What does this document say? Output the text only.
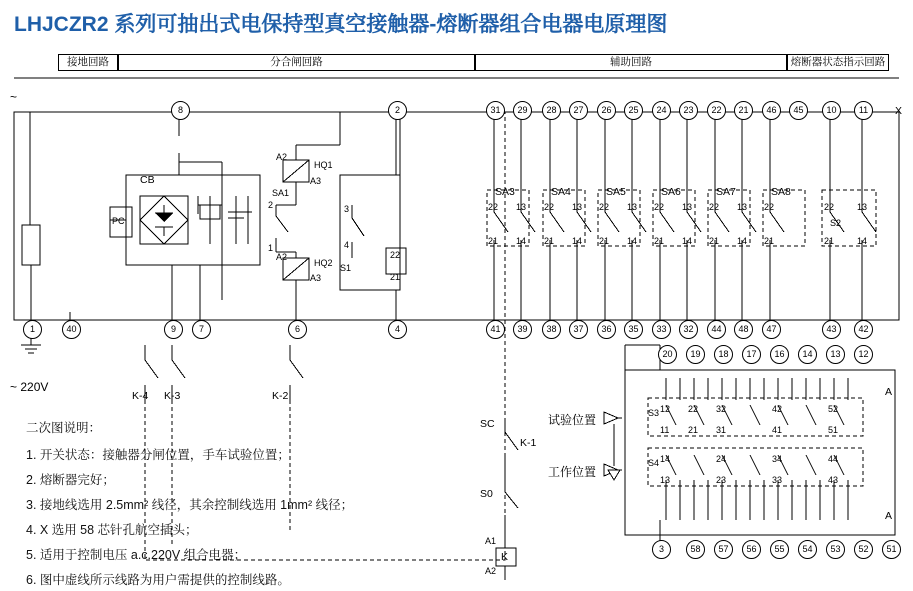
LHJCZR2 系列可抽出式电保持型真空接触器-熔断器组合电器电原理图
接地回路	分合闸回路	辅助回路	熔断器状态指示回路
~
~ 220V
X
A
A
CB
PC
HQ1
HQ2
SA1
A2
A3
A2
A3
S1
S2
S3
S4
SC
S0
A1
A2
K
K-4 K-3	K-2
K-1
SA3	SA4	SA5	SA6	SA7	SA8
试验位置
工作位置
22 13
21 14
22 13
21 14
22 13
21 14
22 13
21 14
22 13
21 14
22
21
22	13
21	14
22
21
2
1
3
4
12
11
22
21
32
31
42
41
52
51
14
13
24
23
34
33
44
43
8	2	31	29	28	27	26	25	24	23	22	21	46	45	10	11
1	40	9	7	6	4	41	39	38	37	36	35	33	32	44	48	47	43	42
20	19	18	17	16	14	13	12
3	58	57	56	55	54	53	52	51
二次图说明：
1. 开关状态：接触器分闸位置，手车试验位置；
2. 熔断器完好；
3. 接地线选用 2.5mm² 线径，其余控制线选用 1mm² 线径；
4. X 选用 58 芯针孔航空插头；
5. 适用于控制电压 a.c.220V 组合电器；
6. 图中虚线所示线路为用户需提供的控制线路。
